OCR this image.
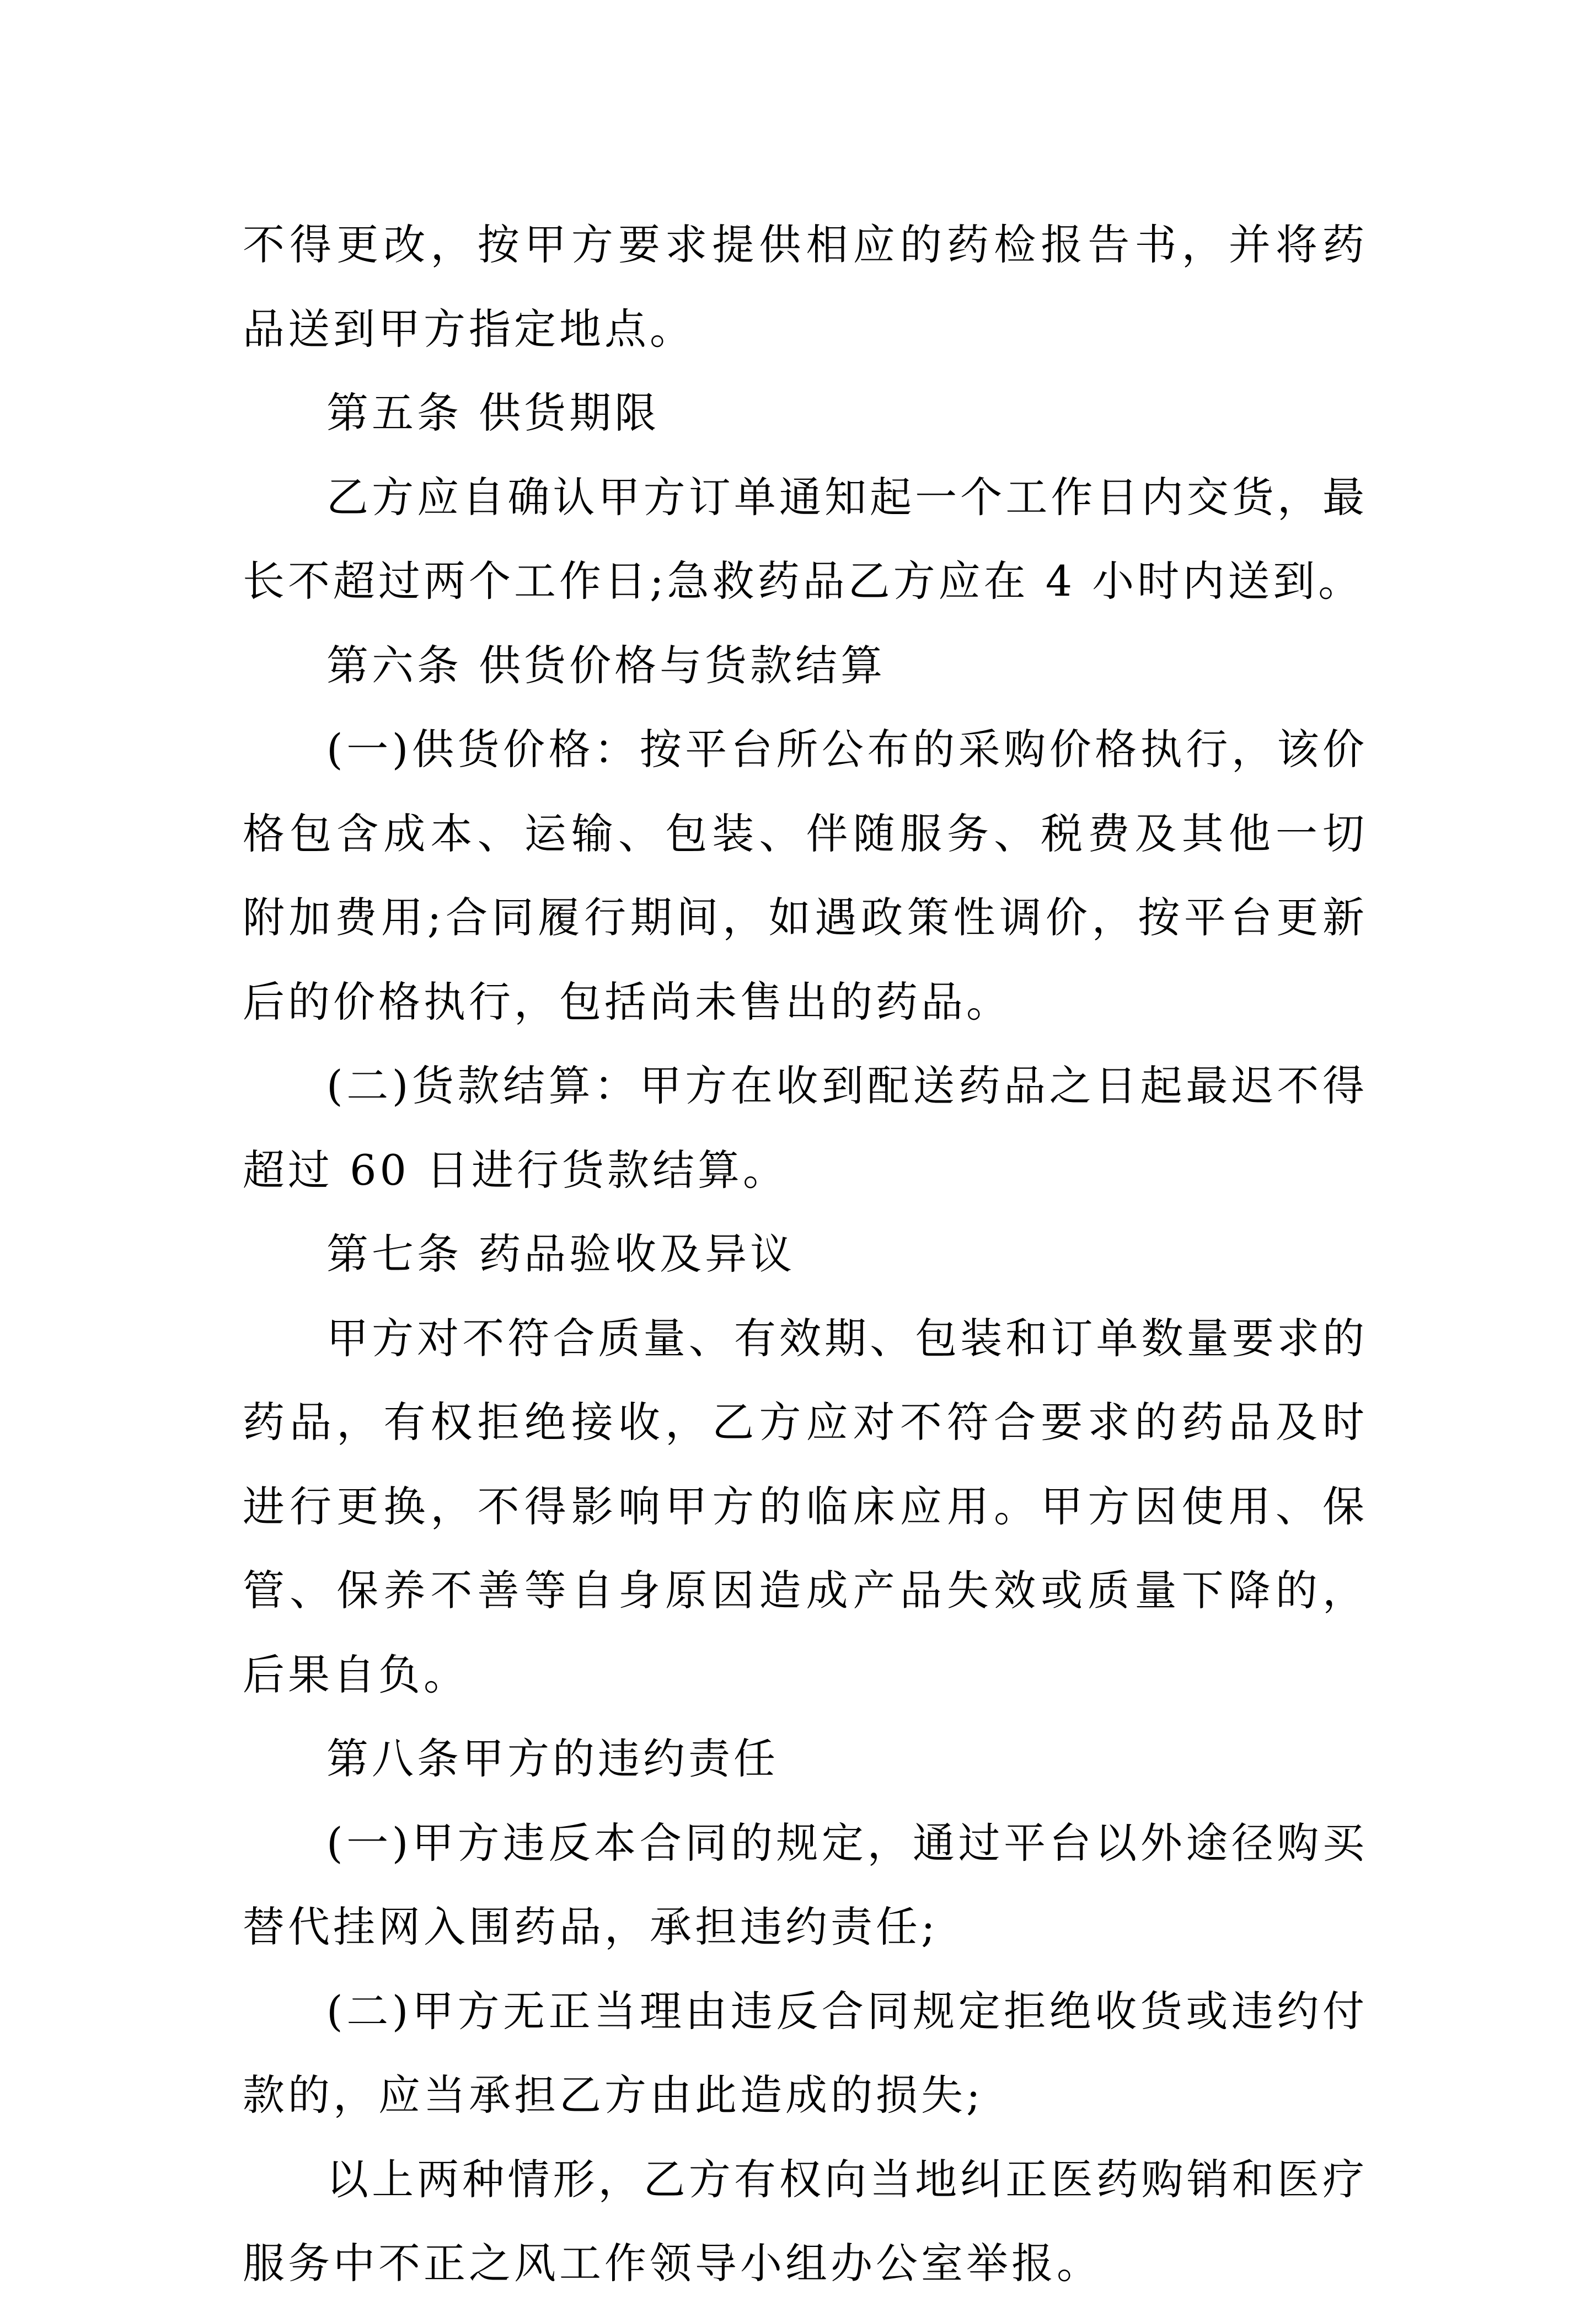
不得更改，按甲方要求提供相应的药检报告书，并将药品送到甲方指定地点。

第五条 供货期限

乙方应自确认甲方订单通知起一个工作日内交货，最长不超过两个工作日;急救药品乙方应在 4 小时内送到。

第六条 供货价格与货款结算

(一)供货价格：按平台所公布的采购价格执行，该价格包含成本、运输、包装、伴随服务、税费及其他一切附加费用;合同履行期间，如遇政策性调价，按平台更新后的价格执行，包括尚未售出的药品。

(二)货款结算：甲方在收到配送药品之日起最迟不得超过 60 日进行货款结算。

第七条 药品验收及异议

甲方对不符合质量、有效期、包装和订单数量要求的药品，有权拒绝接收，乙方应对不符合要求的药品及时进行更换，不得影响甲方的临床应用。甲方因使用、保管、保养不善等自身原因造成产品失效或质量下降的，后果自负。

第八条甲方的违约责任

(一)甲方违反本合同的规定，通过平台以外途径购买替代挂网入围药品，承担违约责任;

(二)甲方无正当理由违反合同规定拒绝收货或违约付款的，应当承担乙方由此造成的损失;

以上两种情形，乙方有权向当地纠正医药购销和医疗服务中不正之风工作领导小组办公室举报。
